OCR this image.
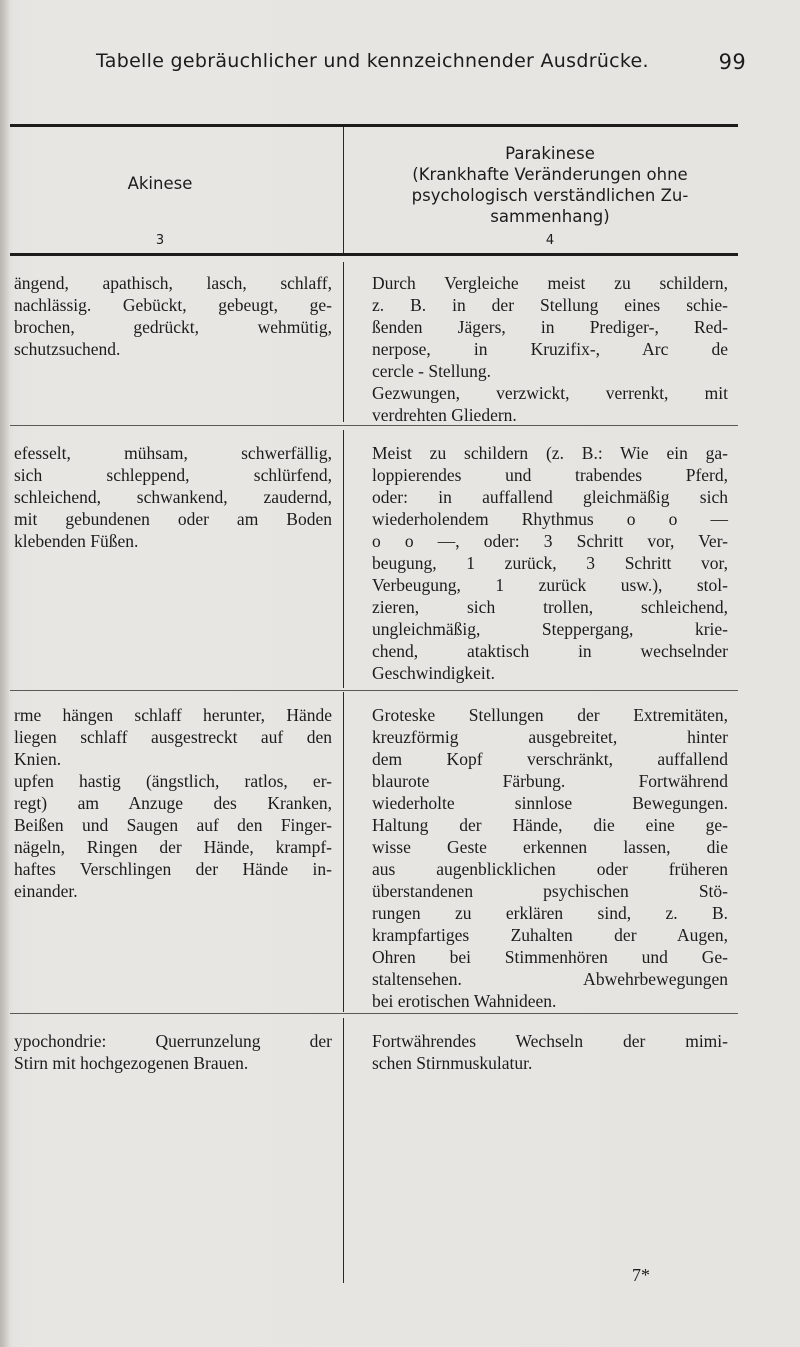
Tabelle gebräuchlicher und kennzeichnender Ausdrücke.	99
Akinese
3
Parakinese
(Krankhafte Veränderungen ohne
psychologisch verständlichen Zu-
sammenhang)
4
ängend, apathisch, lasch, schlaff,
nachlässig. Gebückt, gebeugt, ge-
brochen, gedrückt, wehmütig,
schutzsuchend.
Durch Vergleiche meist zu schildern,
z. B. in der Stellung eines schie-
ßenden Jägers, in Prediger-, Red-
nerpose, in Kruzifix-, Arc de
cercle - Stellung.
Gezwungen, verzwickt, verrenkt, mit
verdrehten Gliedern.
efesselt, mühsam, schwerfällig,
sich schleppend, schlürfend,
schleichend, schwankend, zaudernd,
mit gebundenen oder am Boden
klebenden Füßen.
Meist zu schildern (z. B.: Wie ein ga-
loppierendes und trabendes Pferd,
oder: in auffallend gleichmäßig sich
wiederholendem Rhythmus o o —
o o —, oder: 3 Schritt vor, Ver-
beugung, 1 zurück, 3 Schritt vor,
Verbeugung, 1 zurück usw.), stol-
zieren, sich trollen, schleichend,
ungleichmäßig, Steppergang, krie-
chend, ataktisch in wechselnder
Geschwindigkeit.
rme hängen schlaff herunter, Hände
liegen schlaff ausgestreckt auf den
Knien.
upfen hastig (ängstlich, ratlos, er-
regt) am Anzuge des Kranken,
Beißen und Saugen auf den Finger-
nägeln, Ringen der Hände, krampf-
haftes Verschlingen der Hände in-
einander.
Groteske Stellungen der Extremitäten,
kreuzförmig ausgebreitet, hinter
dem Kopf verschränkt, auffallend
blaurote Färbung. Fortwährend
wiederholte sinnlose Bewegungen.
Haltung der Hände, die eine ge-
wisse Geste erkennen lassen, die
aus augenblicklichen oder früheren
überstandenen psychischen Stö-
rungen zu erklären sind, z. B.
krampfartiges Zuhalten der Augen,
Ohren bei Stimmenhören und Ge-
staltensehen. Abwehrbewegungen
bei erotischen Wahnideen.
ypochondrie: Querrunzelung der
Stirn mit hochgezogenen Brauen.
Fortwährendes Wechseln der mimi-
schen Stirnmuskulatur.
7*
